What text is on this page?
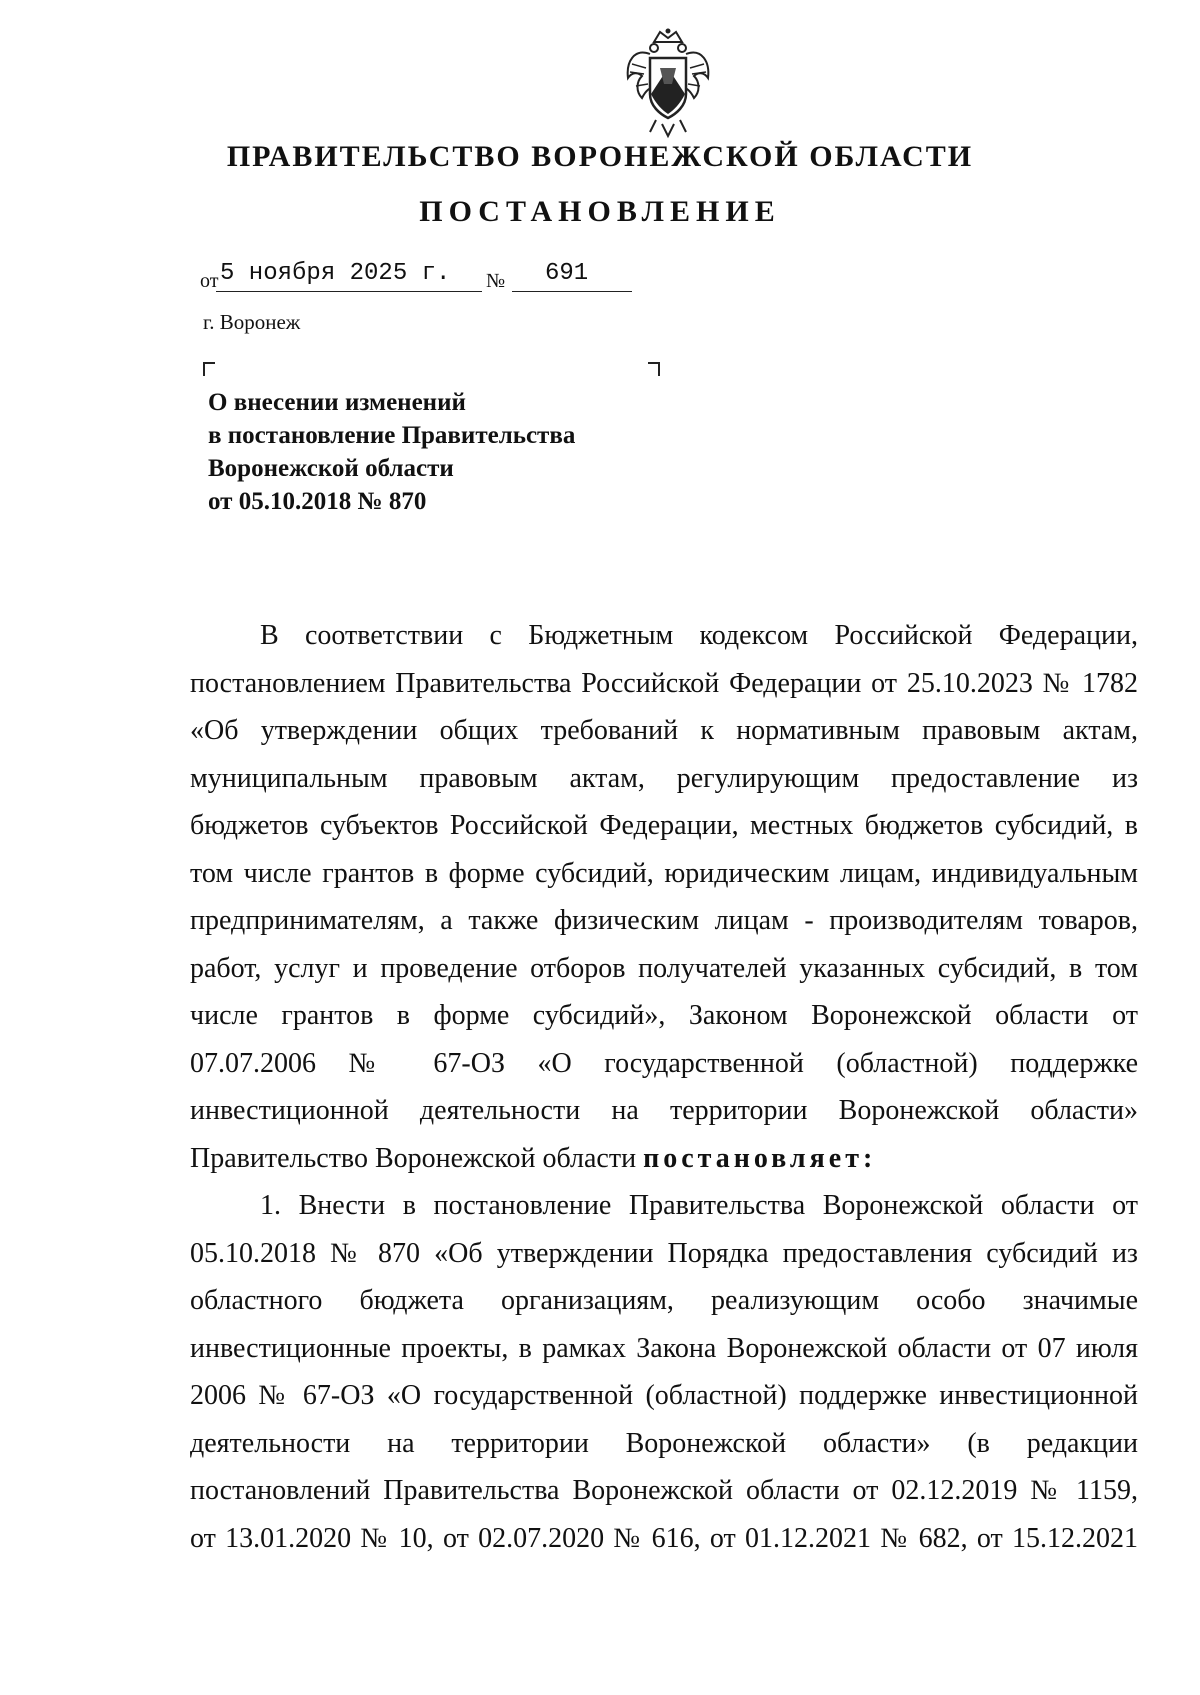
ПРАВИТЕЛЬСТВО ВОРОНЕЖСКОЙ ОБЛАСТИ
ПОСТАНОВЛЕНИЕ
от 5 ноября 2025 г. № 691
г. Воронеж
О внесении изменений
в постановление Правительства
Воронежской области
от 05.10.2018 № 870
В соответствии с Бюджетным кодексом Российской Федерации,
постановлением Правительства Российской Федерации от 25.10.2023 № 1782
«Об утверждении общих требований к нормативным правовым актам,
муниципальным правовым актам, регулирующим предоставление из
бюджетов субъектов Российской Федерации, местных бюджетов субсидий, в
том числе грантов в форме субсидий, юридическим лицам, индивидуальным
предпринимателям, а также физическим лицам - производителям товаров,
работ, услуг и проведение отборов получателей указанных субсидий, в том
числе грантов в форме субсидий», Законом Воронежской области от
07.07.2006 № 67-ОЗ «О государственной (областной) поддержке
инвестиционной деятельности на территории Воронежской области»
Правительство Воронежской области постановляет:
1. Внести в постановление Правительства Воронежской области от
05.10.2018 № 870 «Об утверждении Порядка предоставления субсидий из
областного бюджета организациям, реализующим особо значимые
инвестиционные проекты, в рамках Закона Воронежской области от 07 июля
2006 № 67-ОЗ «О государственной (областной) поддержке инвестиционной
деятельности на территории Воронежской области» (в редакции
постановлений Правительства Воронежской области от 02.12.2019 № 1159,
от 13.01.2020 № 10, от 02.07.2020 № 616, от 01.12.2021 № 682, от 15.12.2021
